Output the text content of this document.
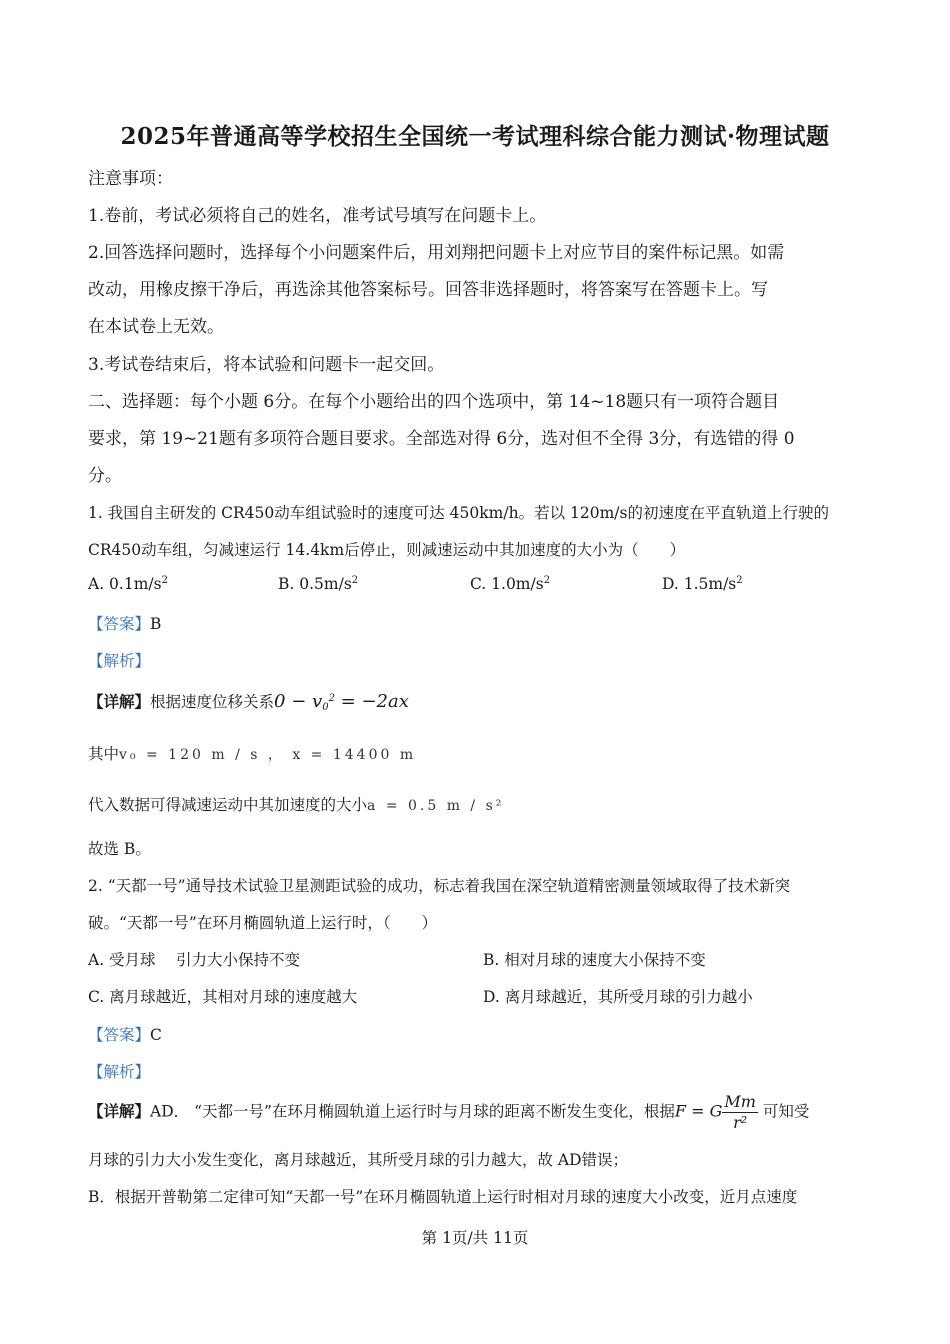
2025年普通高等学校招生全国统一考试理科综合能力测试·物理试题
注意事项：
1.卷前，考试必须将自己的姓名，准考试号填写在问题卡上。
2.回答选择问题时，选择每个小问题案件后，用刘翔把问题卡上对应节目的案件标记黑。如需
改动，用橡皮擦干净后，再选涂其他答案标号。回答非选择题时，将答案写在答题卡上。写
在本试卷上无效。
3.考试卷结束后，将本试验和问题卡一起交回。
二、选择题：每个小题 6分。在每个小题给出的四个选项中，第 14~18题只有一项符合题目
要求，第 19~21题有多项符合题目要求。全部选对得 6分，选对但不全得 3分，有选错的得 0
分。
1. 我国自主研发的 CR450动车组试验时的速度可达 450km/h。若以 120m/s的初速度在平直轨道上行驶的
CR450动车组，匀减速运行 14.4km后停止，则减速运动中其加速度的大小为（　　）
A. $0.1m/s^2$	B. $0.5m/s^2$	C. $1.0m/s^2$	D. $1.5m/s^2$
【答案】B
【解析】
【详解】根据速度位移关系$0 - v_0^2 = -2ax$
其中v₀ = 120 m / s ， x = 14400 m
代入数据可得减速运动中其加速度的大小a = 0.5 m / s²
故选 B。
2. “天都一号”通导技术试验卫星测距试验的成功，标志着我国在深空轨道精密测量领域取得了技术新突
破。“天都一号”在环月椭圆轨道上运行时，（　　）
A. 受月球　 引力大小保持不变	B. 相对月球的速度大小保持不变
C. 离月球越近，其相对月球的速度越大	D. 离月球越近，其所受月球的引力越小
【答案】C
【解析】
【详解】AD． “天都一号”在环月椭圆轨道上运行时与月球的距离不断发生变化，根据F = G $\frac{Mm}{\text{r²}}$ 可知受
月球的引力大小发生变化，离月球越近，其所受月球的引力越大，故 AD错误；
B．根据开普勒第二定律可知“天都一号”在环月椭圆轨道上运行时相对月球的速度大小改变，近月点速度
第 1页/共 11页
